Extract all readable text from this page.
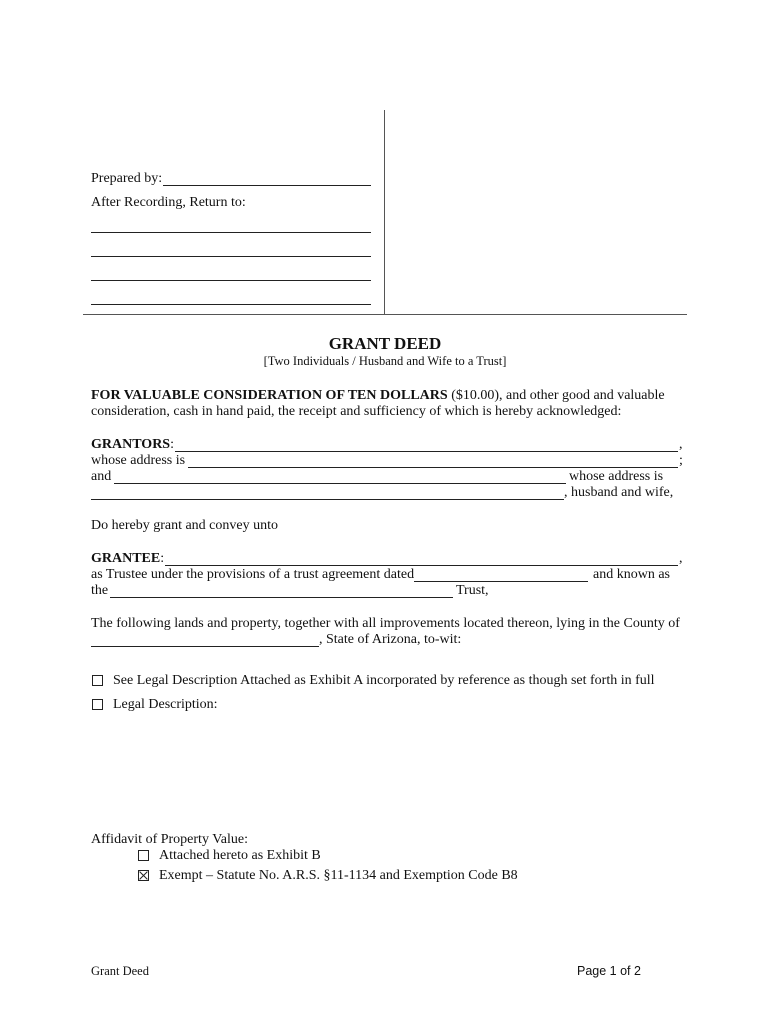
Prepared by:
After Recording, Return to:
GRANT DEED
[Two Individuals / Husband and Wife to a Trust]
FOR VALUABLE CONSIDERATION OF TEN DOLLARS ($10.00), and other good and valuable
consideration, cash in hand paid, the receipt and sufficiency of which is hereby acknowledged:
GRANTORS:	,
whose address is	;
and	whose address is
, husband and wife,
Do hereby grant and convey unto
GRANTEE:	,
as Trustee under the provisions of a trust agreement dated	and known as
the	Trust,
The following lands and property, together with all improvements located thereon, lying in the County of
, State of Arizona, to-wit:
See Legal Description Attached as Exhibit A incorporated by reference as though set forth in full
Legal Description:
Affidavit of Property Value:
Attached hereto as Exhibit B
Exempt – Statute No. A.R.S. §11-1134 and Exemption Code B8
Grant Deed	Page 1 of 2
